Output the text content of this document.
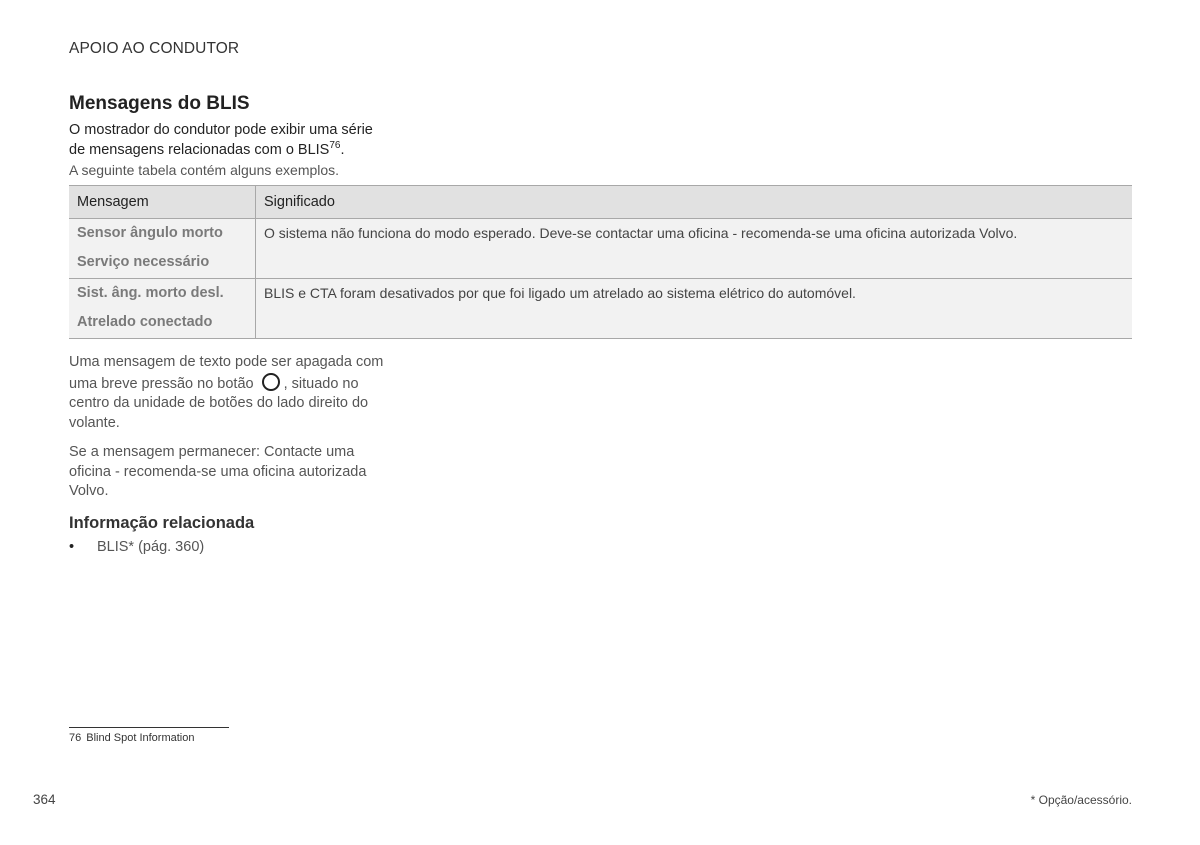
APOIO AO CONDUTOR
Mensagens do BLIS

O mostrador do condutor pode exibir uma série
de mensagens relacionadas com o BLIS$^{76}$.

A seguinte tabela contém alguns exemplos.

Mensagem	Significado

Sensor ângulo morto
Serviço necessário	O sistema não funciona do modo esperado. Deve-se contactar uma oficina - recomenda-se uma oficina autorizada Volvo.

Sist. âng. morto desl.
Atrelado conectado	BLIS e CTA foram desativados por que foi ligado um atrelado ao sistema elétrico do automóvel.

Uma mensagem de texto pode ser apagada com
uma breve pressão no botão , situado no
centro da unidade de botões do lado direito do volante.

Se a mensagem permanecer: Contacte uma oficina - recomenda-se uma oficina autorizada Volvo.

Informação relacionada
• BLIS* (pág. 360)
76 Blind Spot Information
364	* Opção/acessório.
